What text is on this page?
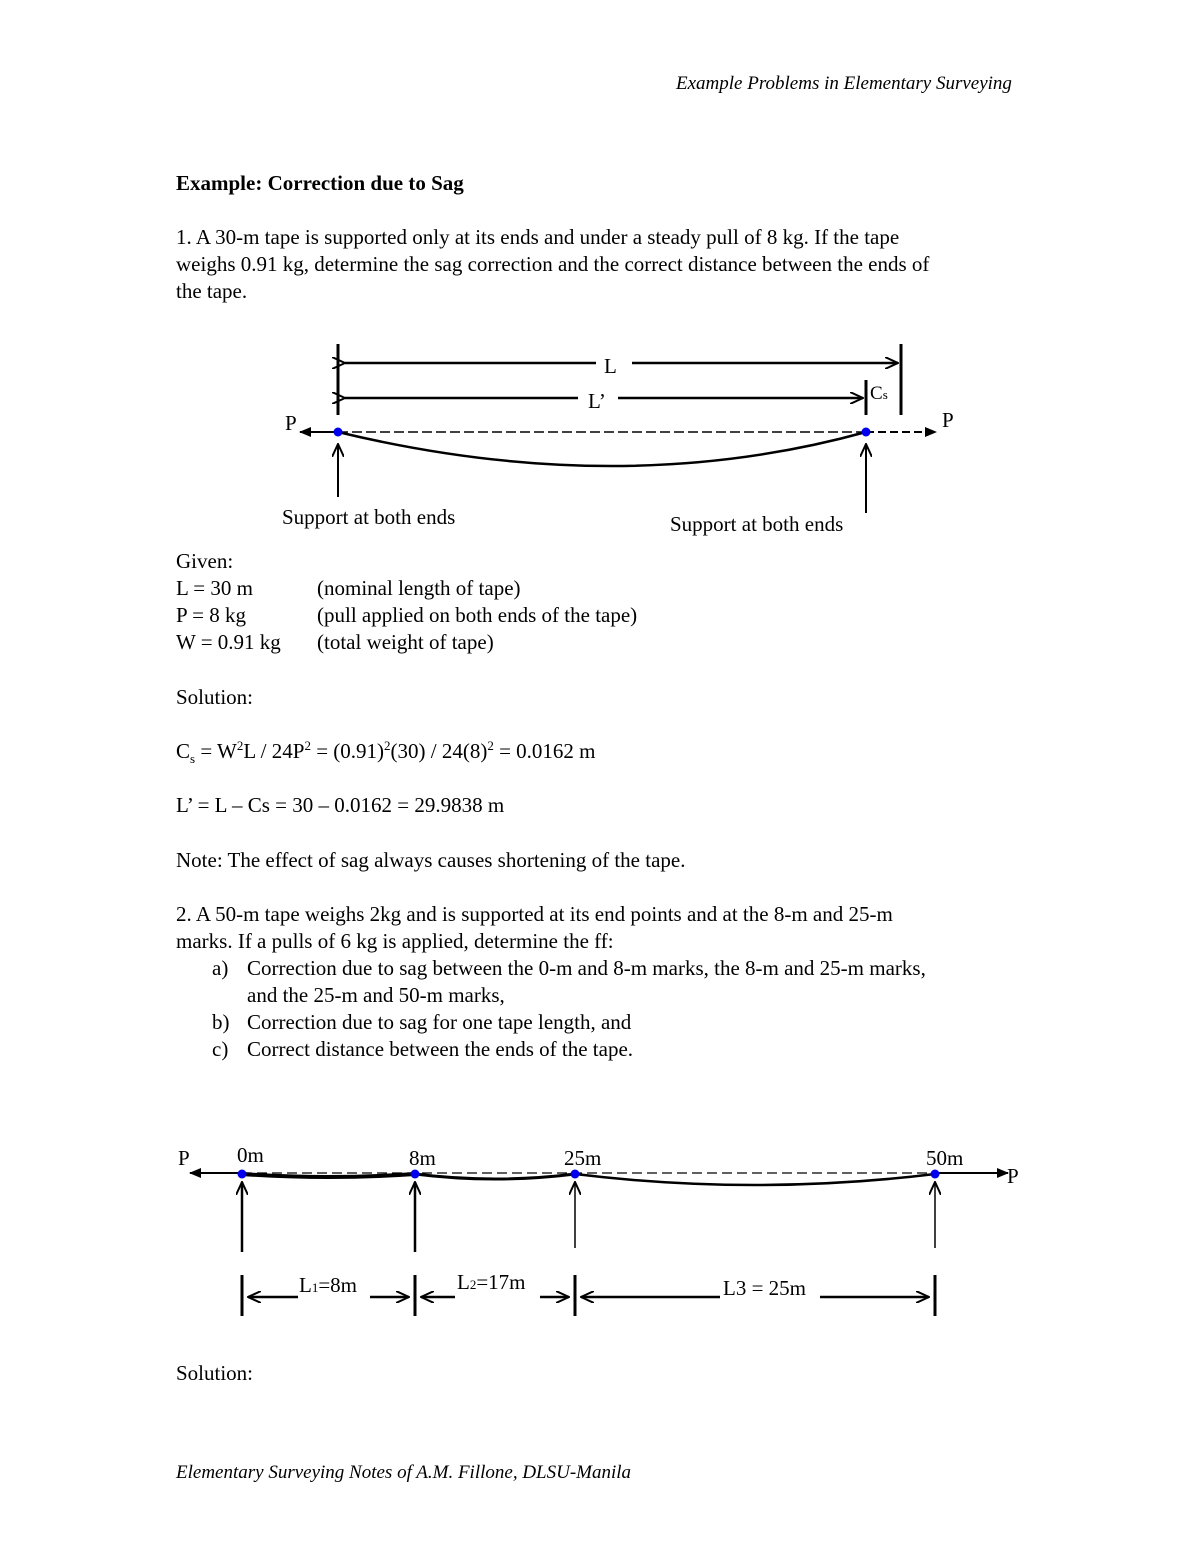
Example Problems in Elementary Surveying
Example: Correction due to Sag
1. A 30-m tape is supported only at its ends and under a steady pull of 8 kg. If the tape
weighs 0.91 kg, determine the sag correction and the correct distance between the ends of
the tape.
L
L’	Cs
P	P
Support at both ends	Support at both ends
Given:
L = 30 m	(nominal length of tape)
P = 8 kg	(pull applied on both ends of the tape)
W = 0.91 kg (total weight of tape)
Solution:
$C_s = W^2L / 24P^2 = (0.91)^2(30) / 24(8)^2 = 0.0162$ m
L’ = L – Cs = 30 – 0.0162 = 29.9838 m
Note: The effect of sag always causes shortening of the tape.
2. A 50-m tape weighs 2kg and is supported at its end points and at the 8-m and 25-m
marks. If a pulls of 6 kg is applied, determine the ff:
a) Correction due to sag between the 0-m and 8-m marks, the 8-m and 25-m marks,
and the 25-m and 50-m marks,
b) Correction due to sag for one tape length, and
c) Correct distance between the ends of the tape.
P
P
0m	8m	25m	50m
L1=8m	L2=17m	L3 = 25m
Solution:
Elementary Surveying Notes of A.M. Fillone, DLSU-Manila
